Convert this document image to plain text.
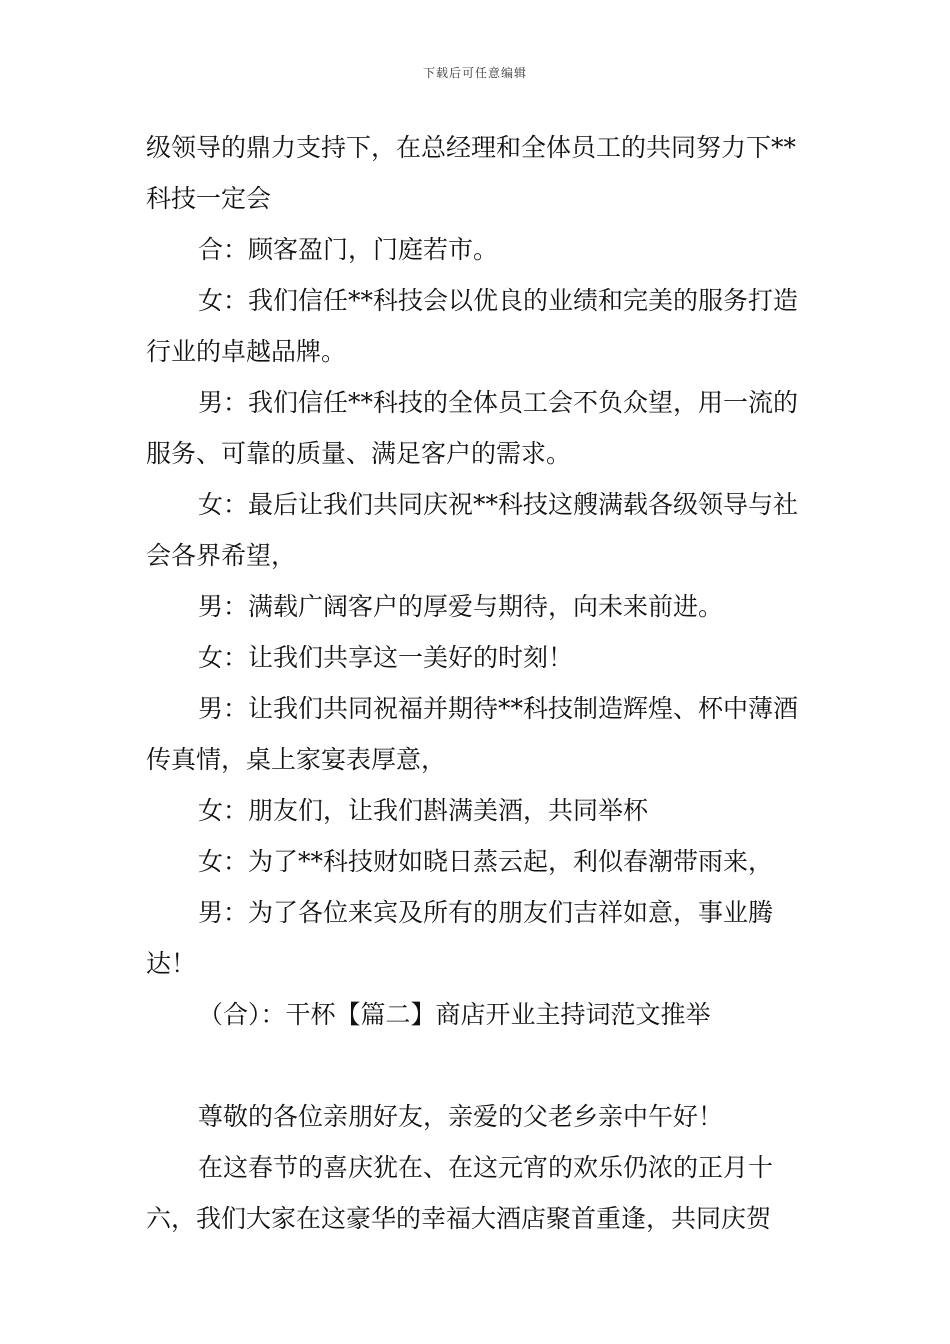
下载后可任意编辑

级领导的鼎力支持下，在总经理和全体员工的共同努力下**科技一定会

合：顾客盈门，门庭若市。

女：我们信任**科技会以优良的业绩和完美的服务打造行业的卓越品牌。

男：我们信任**科技的全体员工会不负众望，用一流的服务、可靠的质量、满足客户的需求。

女：最后让我们共同庆祝**科技这艘满载各级领导与社会各界希望，

男：满载广阔客户的厚爱与期待，向未来前进。

女：让我们共享这一美好的时刻！

男：让我们共同祝福并期待**科技制造辉煌、杯中薄酒传真情，桌上家宴表厚意，

女：朋友们，让我们斟满美酒，共同举杯

女：为了**科技财如晓日蒸云起，利似春潮带雨来，

男：为了各位来宾及所有的朋友们吉祥如意，事业腾达！

（合）：干杯【篇二】商店开业主持词范文推举

尊敬的各位亲朋好友，亲爱的父老乡亲中午好！

在这春节的喜庆犹在、在这元宵的欢乐仍浓的正月十六，我们大家在这豪华的幸福大酒店聚首重逢，共同庆贺
